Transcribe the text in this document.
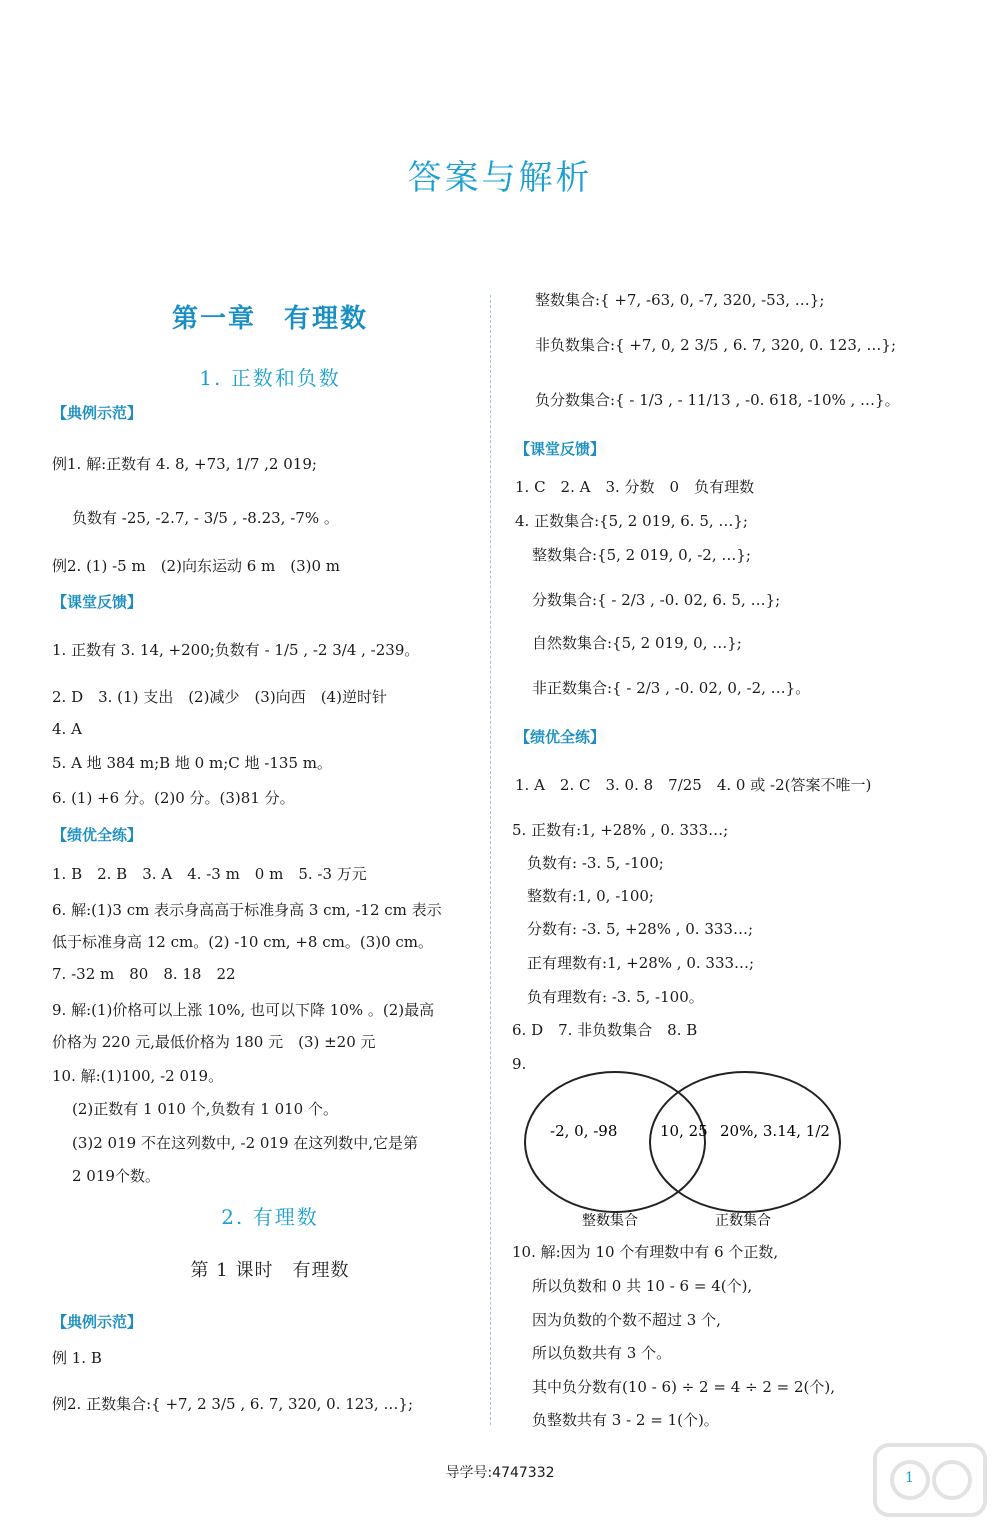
答案与解析
第一章　有理数
1. 正数和负数
【典例示范】
例1. 解:正数有 4. 8, +73, 1/7 ,2 019;
负数有 -25, -2.7, - 3/5 , -8.23, -7% 。
例2. (1) -5 m　(2)向东运动 6 m　(3)0 m
【课堂反馈】
1. 正数有 3. 14, +200;负数有 - 1/5 , -2 3/4 , -239。
2. D　3. (1) 支出　(2)减少　(3)向西　(4)逆时针
4. A
5. A 地 384 m;B 地 0 m;C 地 -135 m。
6. (1) +6 分。(2)0 分。(3)81 分。
【绩优全练】
1. B　2. B　3. A　4. -3 m　0 m　5. -3 万元
6. 解:(1)3 cm 表示身高高于标准身高 3 cm, -12 cm 表示
低于标准身高 12 cm。(2) -10 cm, +8 cm。(3)0 cm。
7. -32 m　80　8. 18　22
9. 解:(1)价格可以上涨 10%, 也可以下降 10% 。(2)最高
价格为 220 元,最低价格为 180 元　(3) ±20 元
10. 解:(1)100, -2 019。
(2)正数有 1 010 个,负数有 1 010 个。
(3)2 019 不在这列数中, -2 019 在这列数中,它是第
2 019个数。
2. 有理数
第 1 课时　有理数
【典例示范】
例 1. B
例2. 正数集合:{ +7, 2 3/5 , 6. 7, 320, 0. 123, …};
整数集合:{ +7, -63, 0, -7, 320, -53, …};
非负数集合:{ +7, 0, 2 3/5 , 6. 7, 320, 0. 123, …};
负分数集合:{ - 1/3 , - 11/13 , -0. 618, -10% , …}。
【课堂反馈】
1. C　2. A　3. 分数　0　负有理数
4. 正数集合:{5, 2 019, 6. 5, …};
整数集合:{5, 2 019, 0, -2, …};
分数集合:{ - 2/3 , -0. 02, 6. 5, …};
自然数集合:{5, 2 019, 0, …};
非正数集合:{ - 2/3 , -0. 02, 0, -2, …}。
【绩优全练】
1. A　2. C　3. 0. 8　7/25　4. 0 或 -2(答案不唯一)
5. 正数有:1, +28% , 0. 333…;
负数有: -3. 5, -100;
整数有:1, 0, -100;
分数有: -3. 5, +28% , 0. 333…;
正有理数有:1, +28% , 0. 333…;
负有理数有: -3. 5, -100。
6. D　7. 非负数集合　8. B
9.
-2, 0, -98	10, 25 20%, 3.14, 1/2
整数集合	正数集合
10. 解:因为 10 个有理数中有 6 个正数,
所以负数和 0 共 10 - 6 = 4(个),
因为负数的个数不超过 3 个,
所以负数共有 3 个。
其中负分数有(10 - 6) ÷ 2 = 4 ÷ 2 = 2(个),
负整数共有 3 - 2 = 1(个)。
导学号:4747332	1
